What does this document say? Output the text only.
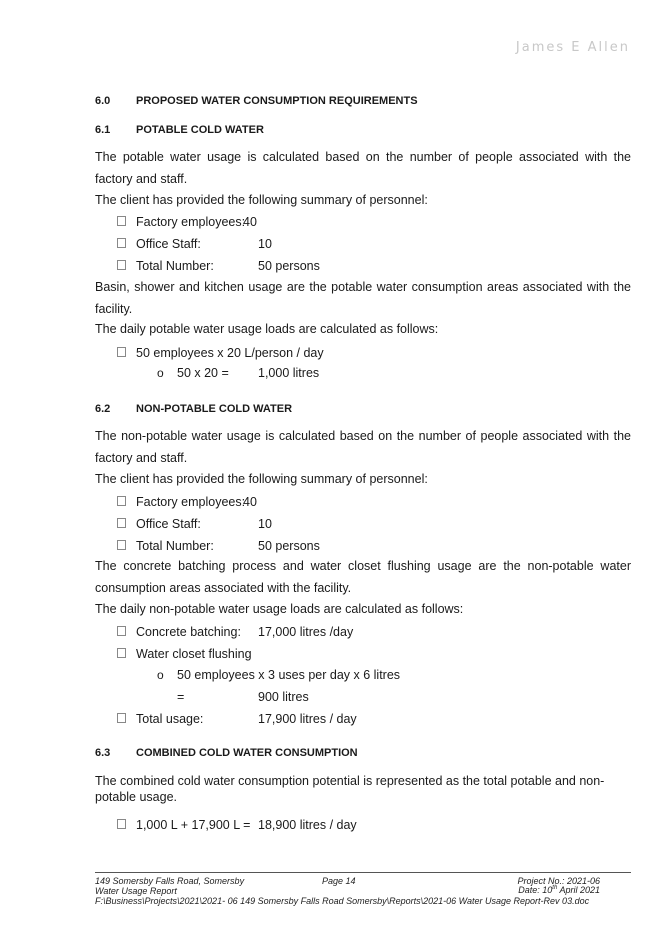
James E Allen
6.0 PROPOSED WATER CONSUMPTION REQUIREMENTS
6.1 POTABLE COLD WATER
The potable water usage is calculated based on the number of people associated with the factory and staff.
The client has provided the following summary of personnel:
Factory employees:
40
Office Staff:	10
Total Number:	50 persons
Basin, shower and kitchen usage are the potable water consumption areas associated with the facility.
The daily potable water usage loads are calculated as follows:
50 employees x 20 L/person / day
o 50 x 20 = 1,000 litres
6.2 NON-POTABLE COLD WATER
The non-potable water usage is calculated based on the number of people associated with the factory and staff.
The client has provided the following summary of personnel:
Factory employees:
40
Office Staff:	10
Total Number:	50 persons
The concrete batching process and water closet flushing usage are the non-potable water consumption areas associated with the facility.
The daily non-potable water usage loads are calculated as follows:
Concrete batching: 17,000 litres /day
Water closet flushing
o 50 employees x 3 uses per day x 6 litres
=	900 litres
Total usage:	17,900 litres / day
6.3 COMBINED COLD WATER CONSUMPTION
The combined cold water consumption potential is represented as the total potable and non-potable usage.
1,000 L + 17,900 L = 18,900 litres / day
149 Somersby Falls Road, Somersby
Water Usage Report
F:\Business\Projects\2021\2021- 06 149 Somersby Falls Road Somersby\Reports\2021-06 Water Usage Report-Rev 03.doc
Page 14	Project No.: 2021-06
Date: 10th April 2021
